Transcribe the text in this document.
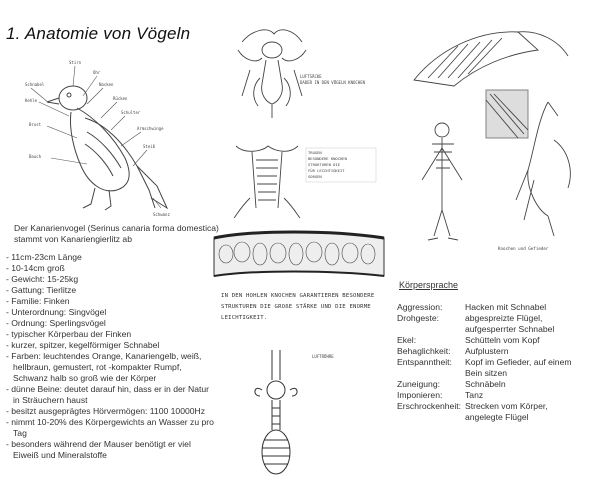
1. Anatomie von Vögeln
Stirn
Ohr
Nacken
Rücken
Schulter
Armschwinge
Steiß
Schwanz
Bauch
Brust
Kehle
Schnabel
Der Kanarienvogel (Serinus canaria forma domestica) stammt von Kanariengierlitz ab
- 11cm-23cm Länge
- 10-14cm groß
- Gewicht: 15-25kg
- Gattung: Tierlitze
- Familie: Finken
- Unterordnung: Singvögel
- Ordnung: Sperlingsvögel
- typischer Körperbau der Finken
- kurzer, spitzer, kegelförmiger Schnabel
- Farben: leuchtendes Orange, Kanariengelb, weiß, hellbraun, gemustert, rot -kompakter Rumpf, Schwanz halb so groß wie der Körper
- dünne Beine: deutet darauf hin, dass er in der Natur in Sträuchern haust
- besitzt ausgeprägtes Hörvermögen: 1100 10000Hz
- nimmt 10-20% des Körpergewichts an Wasser zu pro Tag
- besonders während der Mauser benötigt er viel Eiweiß und Mineralstoffe
LUFTSÄCKE
DADER IN DEN VÖGELN KNOCHEN
TROGEN
BESONDERE KNOCHEN
STRUKTUREN DIE
FÜR LEICHTIGKEIT
SORGEN
IN DEN HOHLEN KNOCHEN GARANTIEREN BESONDERE STRUKTUREN DIE GROßE STÄRKE UND DIE ENORME LEICHTIGKEIT.
LUFTRÖHRE
Knochen und Gefieder
Körpersprache
Aggression:	Hacken mit Schnabel
Drohgeste:	abgespreizte Flügel, aufgesperrter Schnabel
Ekel:	Schütteln vom Kopf
Behaglichkeit:	Aufplustern
Entspanntheit:	Kopf im Gefieder, auf einem Bein sitzen
Zuneigung:	Schnäbeln
Imponieren:	Tanz
Erschrockenheit: Strecken vom Körper, angelegte Flügel
